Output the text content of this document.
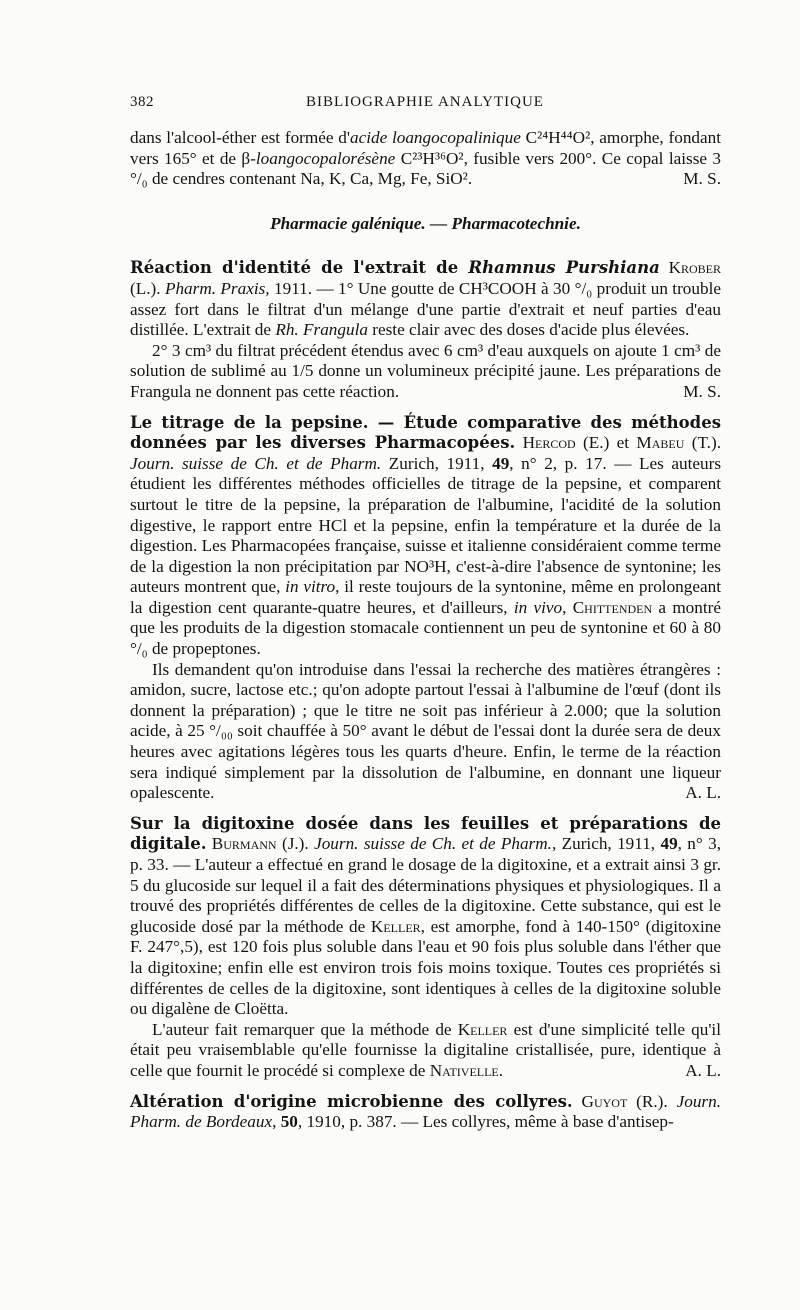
382	BIBLIOGRAPHIE ANALYTIQUE

dans l'alcool-éther est formée d'acide loangocopalinique C²⁴H⁴⁴O², amorphe, fondant vers 165° et de β-loangocopalorésène C²³H³⁶O², fusible vers 200°. Ce copal laisse 3 °/₀ de cendres contenant Na, K, Ca, Mg, Fe, SiO².	M. S.

Pharmacie galénique. — Pharmacotechnie.

Réaction d'identité de l'extrait de Rhamnus Purshiana Krober (L.). Pharm. Praxis, 1911. — 1° Une goutte de CH³COOH à 30 °/₀ produit un trouble assez fort dans le filtrat d'un mélange d'une partie d'extrait et neuf parties d'eau distillée. L'extrait de Rh. Frangula reste clair avec des doses d'acide plus élevées.

2° 3 cm³ du filtrat précédent étendus avec 6 cm³ d'eau auxquels on ajoute 1 cm³ de solution de sublimé au 1/5 donne un volumineux précipité jaune. Les préparations de Frangula ne donnent pas cette réaction.	M. S.

Le titrage de la pepsine. — Étude comparative des méthodes données par les diverses Pharmacopées. Hercod (E.) et Mabeu (T.). Journ. suisse de Ch. et de Pharm. Zurich, 1911, 49, n° 2, p. 17. — Les auteurs étudient les différentes méthodes officielles de titrage de la pepsine, et comparent surtout le titre de la pepsine, la préparation de l'albumine, l'acidité de la solution digestive, le rapport entre HCl et la pepsine, enfin la température et la durée de la digestion. Les Pharmacopées française, suisse et italienne considéraient comme terme de la digestion la non précipitation par NO³H, c'est-à-dire l'absence de syntonine; les auteurs montrent que, in vitro, il reste toujours de la syntonine, même en prolongeant la digestion cent quarante-quatre heures, et d'ailleurs, in vivo, Chittenden a montré que les produits de la digestion stomacale contiennent un peu de syntonine et 60 à 80 °/₀ de propeptones.

Ils demandent qu'on introduise dans l'essai la recherche des matières étrangères : amidon, sucre, lactose etc.; qu'on adopte partout l'essai à l'albumine de l'œuf (dont ils donnent la préparation) ; que le titre ne soit pas inférieur à 2.000; que la solution acide, à 25 °/₀₀ soit chauffée à 50° avant le début de l'essai dont la durée sera de deux heures avec agitations légères tous les quarts d'heure. Enfin, le terme de la réaction sera indiqué simplement par la dissolution de l'albumine, en donnant une liqueur opalescente.	A. L.

Sur la digitoxine dosée dans les feuilles et préparations de digitale. Burmann (J.). Journ. suisse de Ch. et de Pharm., Zurich, 1911, 49, n° 3, p. 33. — L'auteur a effectué en grand le dosage de la digitoxine, et a extrait ainsi 3 gr. 5 du glucoside sur lequel il a fait des déterminations physiques et physiologiques. Il a trouvé des propriétés différentes de celles de la digitoxine. Cette substance, qui est le glucoside dosé par la méthode de Keller, est amorphe, fond à 140-150° (digitoxine F. 247°,5), est 120 fois plus soluble dans l'eau et 90 fois plus soluble dans l'éther que la digitoxine; enfin elle est environ trois fois moins toxique. Toutes ces propriétés si différentes de celles de la digitoxine, sont identiques à celles de la digitoxine soluble ou digalène de Cloëtta.

L'auteur fait remarquer que la méthode de Keller est d'une simplicité telle qu'il était peu vraisemblable qu'elle fournisse la digitaline cristallisée, pure, identique à celle que fournit le procédé si complexe de Nativelle.	A. L.

Altération d'origine microbienne des collyres. Guyot (R.). Journ. Pharm. de Bordeaux, 50, 1910, p. 387. — Les collyres, même à base d'antisep-
